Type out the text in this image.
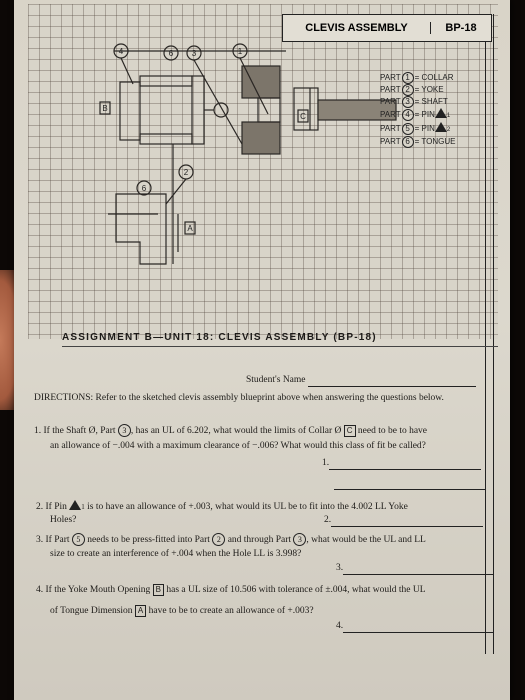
CLEVIS ASSEMBLY	BP-18
4	6 3	1
6
2
B
C
A
PART 1 = COLLAR
PART 2 = YOKE
PART 3 = SHAFT
PART 4 = PIN 1
PART 5 = PIN 2
PART 6 = TONGUE
ASSIGNMENT B—UNIT 18: CLEVIS ASSEMBLY (BP-18)
Student's Name
DIRECTIONS: Refer to the sketched clevis assembly blueprint above when answering the questions below.
1. If the Shaft Ø, Part 3 , has an UL of 6.202, what would the limits of Collar Ø C need to be to have
an allowance of −.004 with a maximum clearance of −.006? What would this class of fit be called?
1.
2. If Pin 1 is to have an allowance of +.003, what would its UL be to fit into the 4.002 LL Yoke
Holes?	2.
3. If Part 5 needs to be press-fitted into Part 2 and through Part 3 , what would be the UL and LL
size to create an interference of +.004 when the Hole LL is 3.998?
3.
4. If the Yoke Mouth Opening B has a UL size of 10.506 with tolerance of ±.004, what would the UL
of Tongue Dimension A have to be to create an allowance of +.003?
4.
